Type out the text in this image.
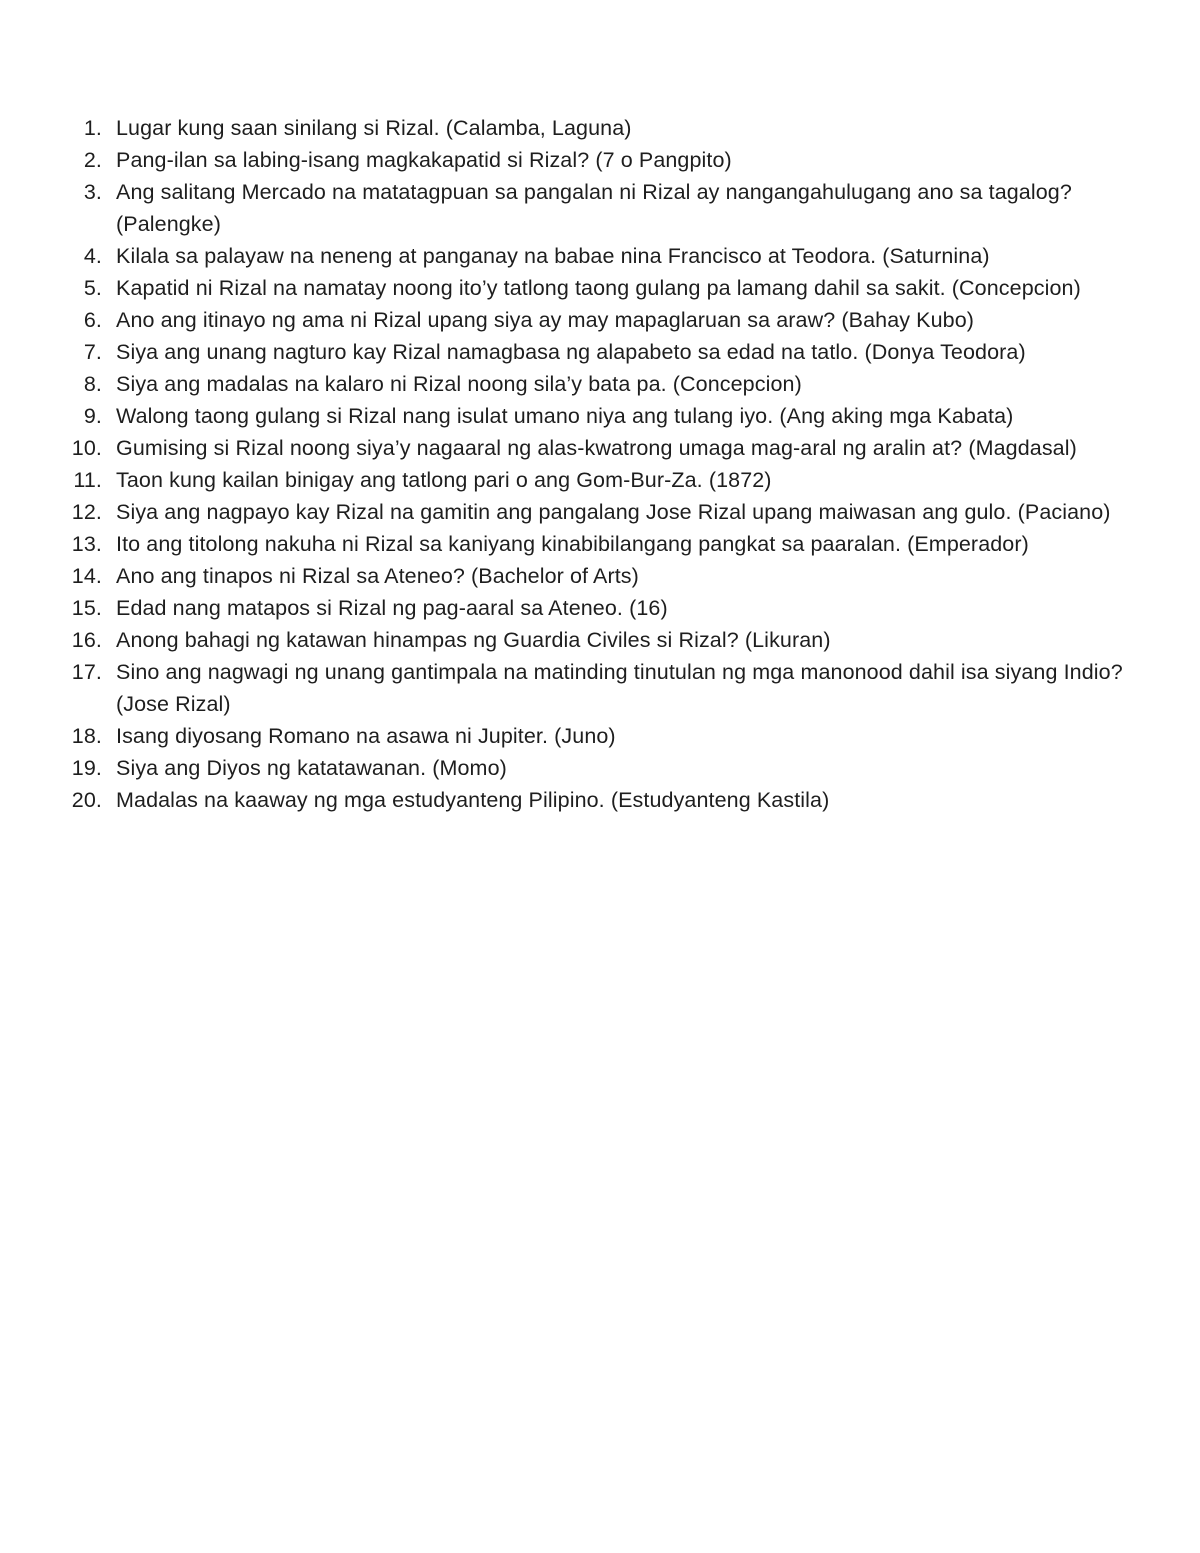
1. Lugar kung saan sinilang si Rizal. (Calamba, Laguna)
2. Pang-ilan sa labing-isang magkakapatid si Rizal? (7 o Pangpito)
3. Ang salitang Mercado na matatagpuan sa pangalan ni Rizal ay nangangahulugang ano sa tagalog? (Palengke)
4. Kilala sa palayaw na neneng at panganay na babae nina Francisco at Teodora. (Saturnina)
5. Kapatid ni Rizal na namatay noong ito’y tatlong taong gulang pa lamang dahil sa sakit. (Concepcion)
6. Ano ang itinayo ng ama ni Rizal upang siya ay may mapaglaruan sa araw? (Bahay Kubo)
7. Siya ang unang nagturo kay Rizal namagbasa ng alapabeto sa edad na tatlo. (Donya Teodora)
8. Siya ang madalas na kalaro ni Rizal noong sila’y bata pa. (Concepcion)
9. Walong taong gulang si Rizal nang isulat umano niya ang tulang iyo. (Ang aking mga Kabata)
10. Gumising si Rizal noong siya’y nagaaral ng alas-kwatrong umaga mag-aral ng aralin at? (Magdasal)
11. Taon kung kailan binigay ang tatlong pari o ang Gom-Bur-Za. (1872)
12. Siya ang nagpayo kay Rizal na gamitin ang pangalang Jose Rizal upang maiwasan ang gulo. (Paciano)
13. Ito ang titolong nakuha ni Rizal sa kaniyang kinabibilangang pangkat sa paaralan. (Emperador)
14. Ano ang tinapos ni Rizal sa Ateneo? (Bachelor of Arts)
15. Edad nang matapos si Rizal ng pag-aaral sa Ateneo. (16)
16. Anong bahagi ng katawan hinampas ng Guardia Civiles si Rizal? (Likuran)
17. Sino ang nagwagi ng unang gantimpala na matinding tinutulan ng mga manonood dahil isa siyang Indio? (Jose Rizal)
18. Isang diyosang Romano na asawa ni Jupiter. (Juno)
19. Siya ang Diyos ng katatawanan. (Momo)
20. Madalas na kaaway ng mga estudyanteng Pilipino. (Estudyanteng Kastila)
